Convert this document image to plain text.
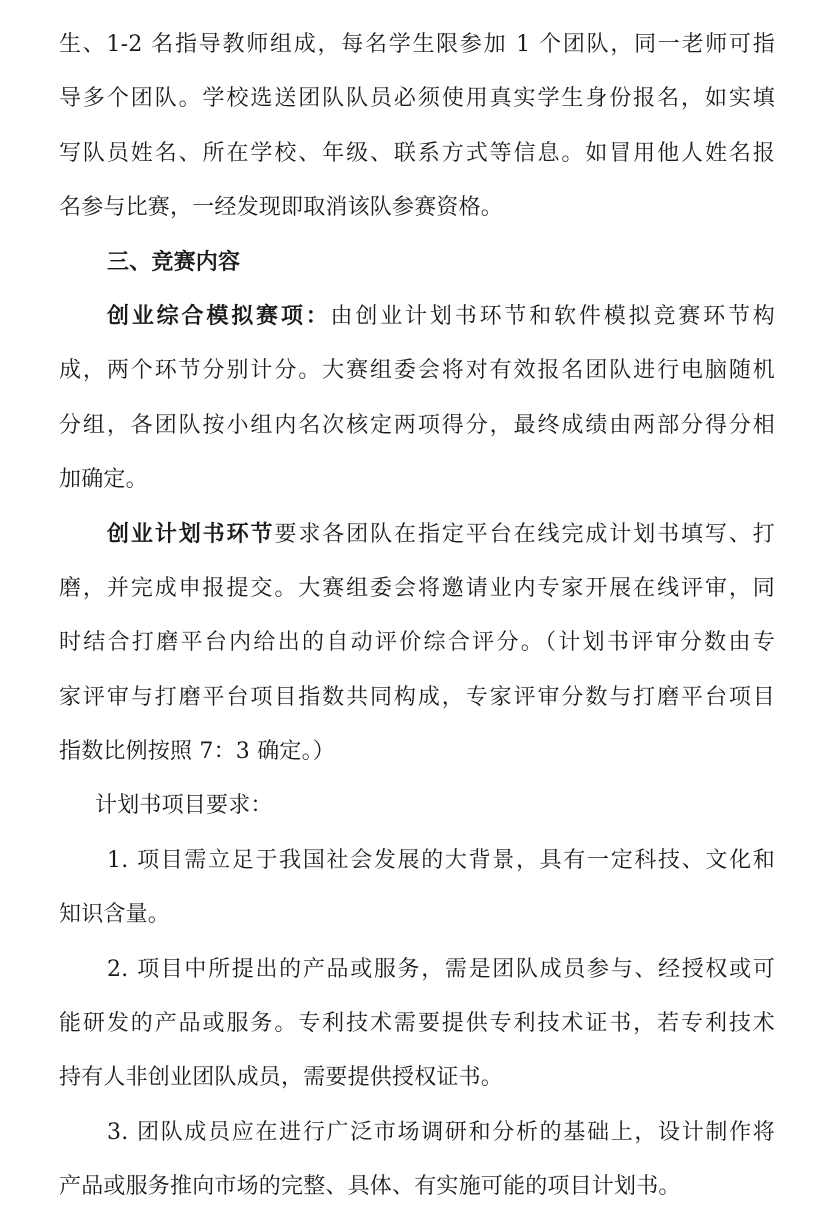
生、1-2 名指导教师组成，每名学生限参加 1 个团队，同一老师可指
导多个团队。学校选送团队队员必须使用真实学生身份报名，如实填
写队员姓名、所在学校、年级、联系方式等信息。如冒用他人姓名报
名参与比赛，一经发现即取消该队参赛资格。
三、竞赛内容
创业综合模拟赛项：由创业计划书环节和软件模拟竞赛环节构
成，两个环节分别计分。大赛组委会将对有效报名团队进行电脑随机
分组，各团队按小组内名次核定两项得分，最终成绩由两部分得分相
加确定。
创业计划书环节要求各团队在指定平台在线完成计划书填写、打
磨，并完成申报提交。大赛组委会将邀请业内专家开展在线评审，同
时结合打磨平台内给出的自动评价综合评分。（计划书评审分数由专
家评审与打磨平台项目指数共同构成，专家评审分数与打磨平台项目
指数比例按照 7：3 确定。）
计划书项目要求：
1. 项目需立足于我国社会发展的大背景，具有一定科技、文化和
知识含量。
2. 项目中所提出的产品或服务，需是团队成员参与、经授权或可
能研发的产品或服务。专利技术需要提供专利技术证书，若专利技术
持有人非创业团队成员，需要提供授权证书。
3. 团队成员应在进行广泛市场调研和分析的基础上，设计制作将
产品或服务推向市场的完整、具体、有实施可能的项目计划书。
